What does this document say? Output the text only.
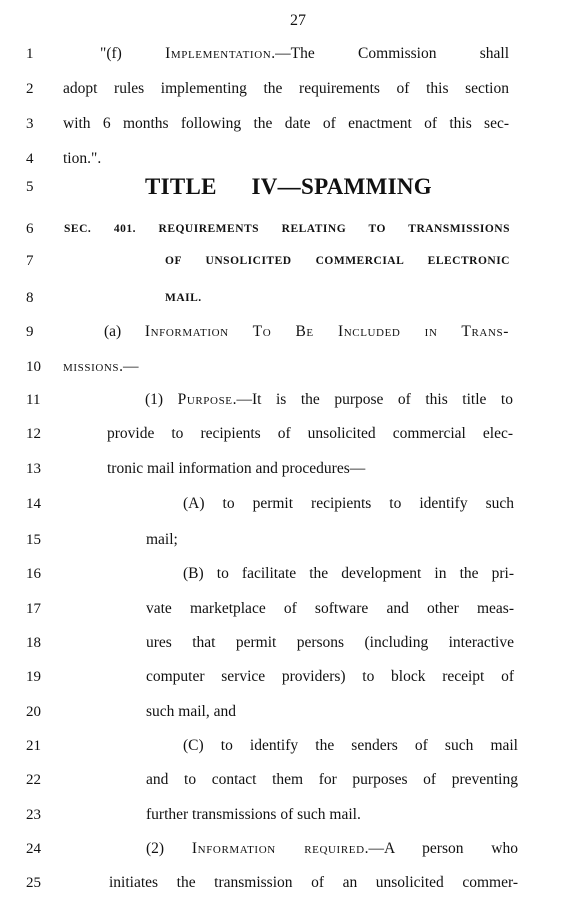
27
1	"(f) Implementation.—The Commission shall
2	adopt rules implementing the requirements of this section
3	with 6 months following the date of enactment of this sec-
4	tion.".
5	TITLE IV—SPAMMING
6	SEC. 401. REQUIREMENTS RELATING TO TRANSMISSIONS
7	OF UNSOLICITED COMMERCIAL ELECTRONIC
8	MAIL.
9	(a) Information To Be Included in Trans-
10	missions.—
11	(1) Purpose.—It is the purpose of this title to
12	provide to recipients of unsolicited commercial elec-
13	tronic mail information and procedures—
14	(A) to permit recipients to identify such
15	mail;
16	(B) to facilitate the development in the pri-
17	vate marketplace of software and other meas-
18	ures that permit persons (including interactive
19	computer service providers) to block receipt of
20	such mail, and
21	(C) to identify the senders of such mail
22	and to contact them for purposes of preventing
23	further transmissions of such mail.
24	(2) Information required.—A person who
25	initiates the transmission of an unsolicited commer-
